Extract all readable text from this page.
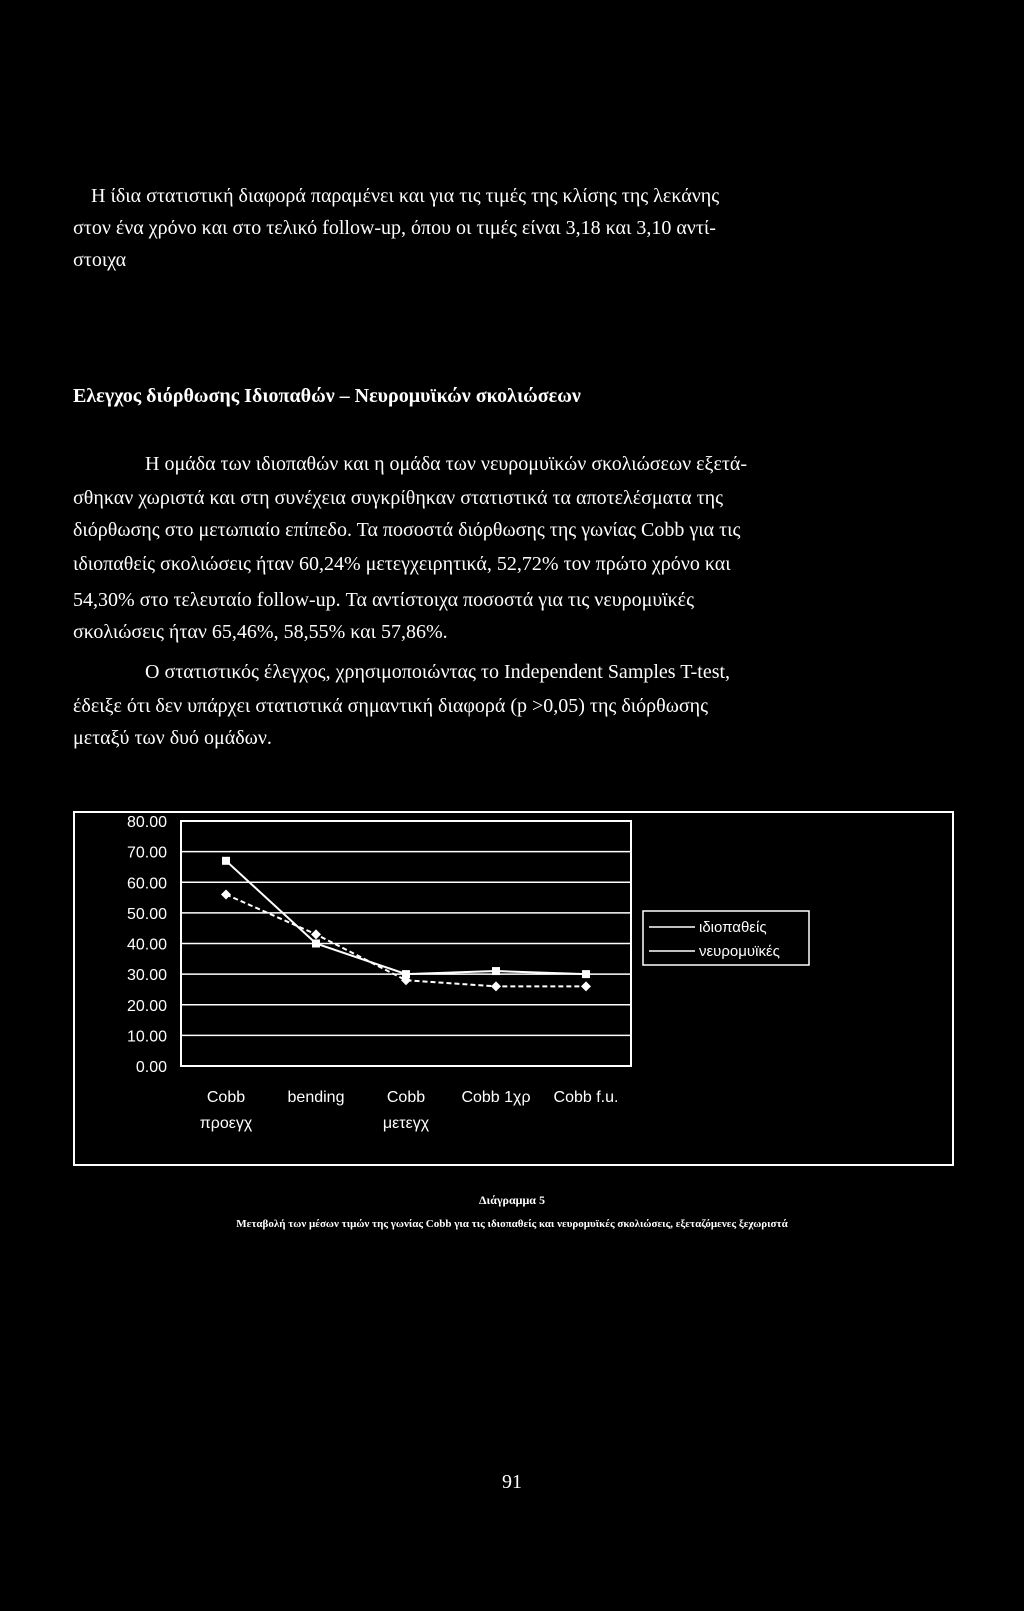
Η ίδια στατιστική διαφορά παραμένει και για τις τιμές της κλίσης της λεκάνης
στον ένα χρόνο και στο τελικό follow-up, όπου οι τιμές είναι 3,18 και 3,10 αντί-
στοιχα
Ελεγχος διόρθωσης Ιδιοπαθών – Νευρομυϊκών σκολιώσεων
Η ομάδα των ιδιοπαθών και η ομάδα των νευρομυϊκών σκολιώσεων εξετά-
σθηκαν χωριστά και στη συνέχεια συγκρίθηκαν στατιστικά τα αποτελέσματα της
διόρθωσης στο μετωπιαίο επίπεδο. Τα ποσοστά διόρθωσης της γωνίας Cobb για τις
ιδιοπαθείς σκολιώσεις ήταν 60,24% μετεγχειρητικά, 52,72% τον πρώτο χρόνο και
54,30% στο τελευταίο follow-up. Τα αντίστοιχα ποσοστά για τις νευρομυϊκές
σκολιώσεις ήταν 65,46%, 58,55% και 57,86%.
Ο στατιστικός έλεγχος, χρησιμοποιώντας το Independent Samples T-test,
έδειξε ότι δεν υπάρχει στατιστικά σημαντική διαφορά (p >0,05) της διόρθωσης
μεταξύ των δυό ομάδων.
80.00
70.00
60.00
50.00
40.00
30.00
20.00
10.00
0.00
Cobb
προεγχ
bending	Cobb
μετεγχ
Cobb 1χρ Cobb f.u.
ιδιοπαθείς
νευρομυϊκές
Διάγραμμα 5
Μεταβολή των μέσων τιμών της γωνίας Cobb για τις ιδιοπαθείς και νευρομυϊκές σκολιώσεις, εξεταζόμενες ξεχωριστά
91
